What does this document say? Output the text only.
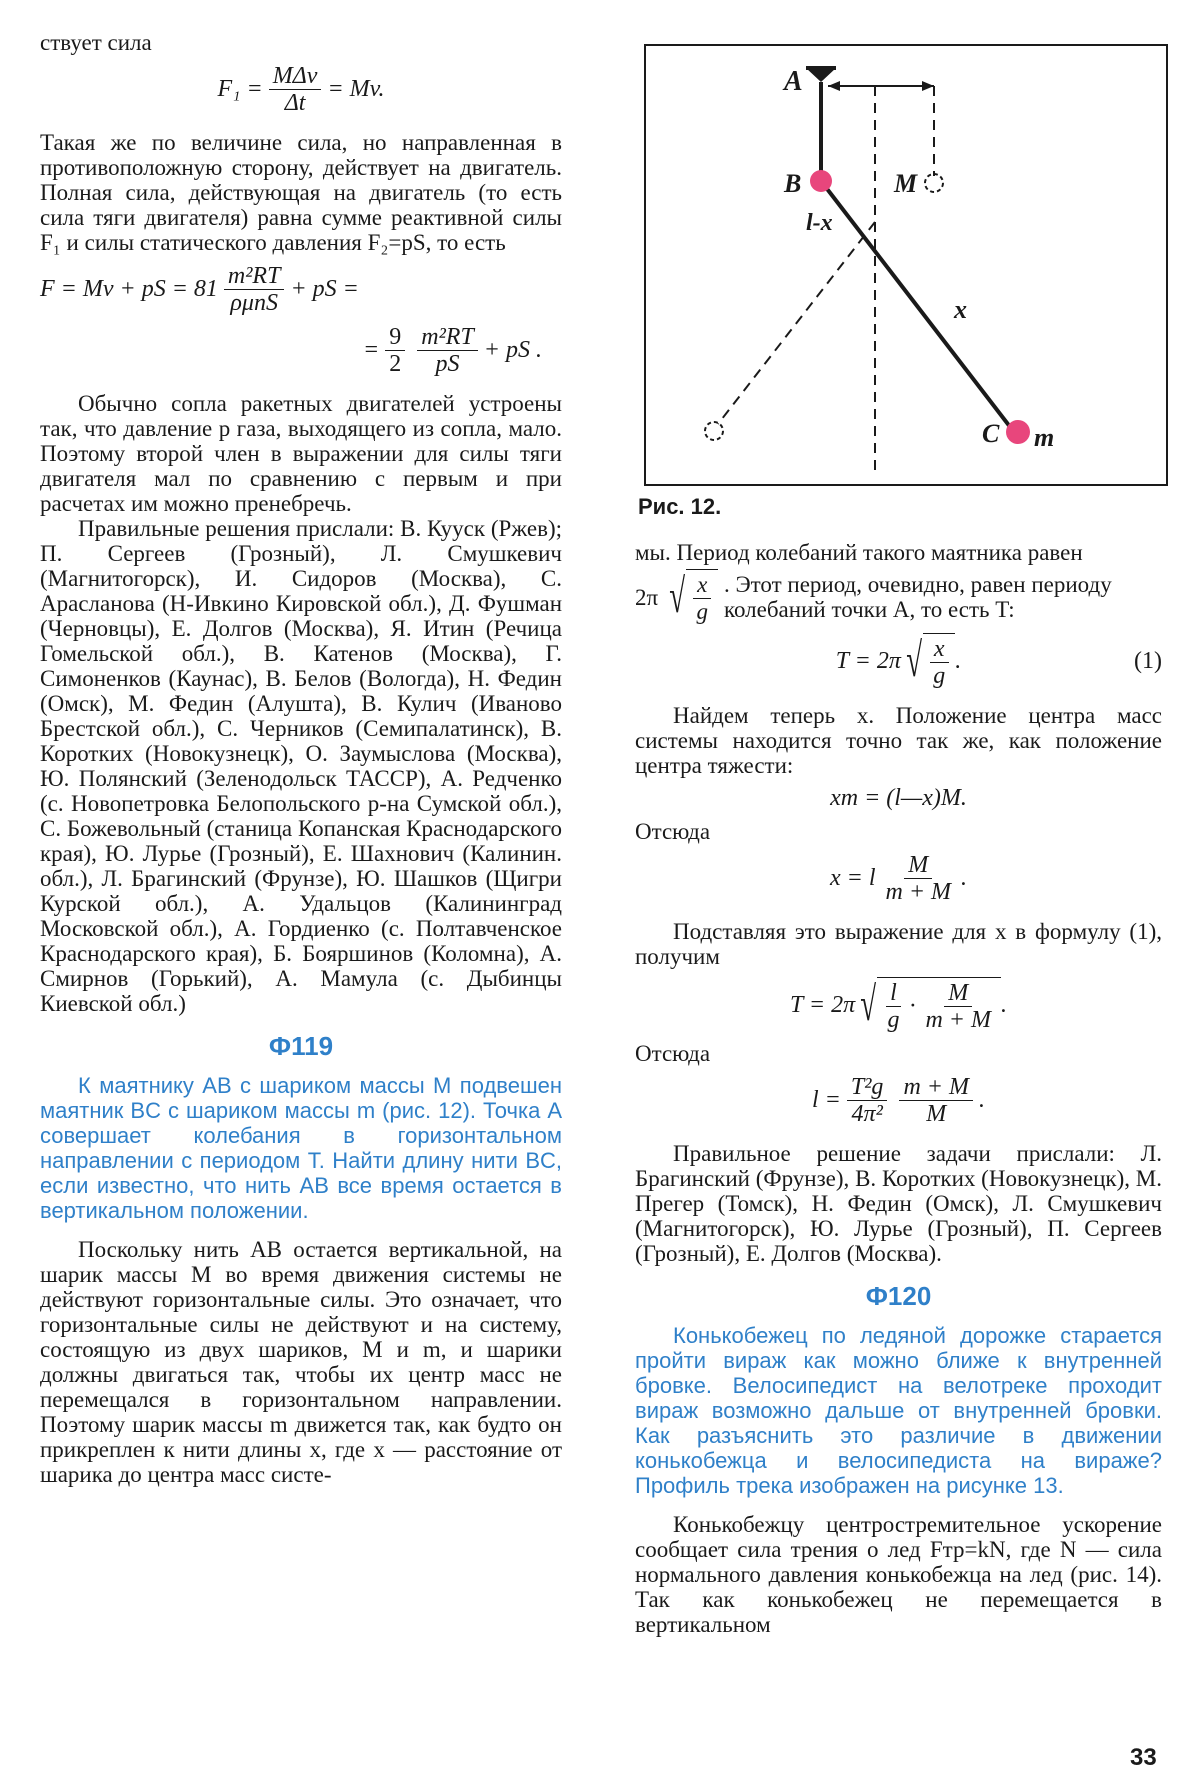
ствует сила

$F_1 = \frac{\text{MΔv}}{\Delta t} = Mv$.

Такая же по величине сила, но направленная в противоположную сторону, действует на двигатель. Полная сила, действующая на двигатель (то есть сила тяги двигателя) равна сумме реактивной силы F₁ и силы статического давления F₂=pS, то есть

F = Mv + pS = $81 \frac{\text{m²RT}}{\text{ρμпS}}$ + pS =
= $\frac{9}{2} \frac{\text{m²RT}}{pS}$ + pS .

Обычно сопла ракетных двигателей устроены так, что давление p газа, выходящего из сопла, мало. Поэтому второй член в выражении для силы тяги двигателя мал по сравнению с первым и при расчетах им можно пренебречь.

Правильные решения прислали: В. Кууск (Ржев); П. Сергеев (Грозный), Л. Смушкевич (Магнитогорск), И. Сидоров (Москва), С. Арасланова (Н-Ивкино Кировской обл.), Д. Фушман (Черновцы), Е. Долгов (Москва), Я. Итин (Речица Гомельской обл.), В. Катенов (Москва), Г. Симоненков (Каунас), В. Белов (Вологда), Н. Федин (Омск), М. Федин (Алушта), В. Кулич (Иваново Брестской обл.), С. Черников (Семипалатинск), В. Коротких (Новокузнецк), О. Заумыслова (Москва), Ю. Полянский (Зеленодольск ТАССР), А. Редченко (с. Новопетровка Белопольского р-на Сумской обл.), С. Божевольный (станица Копанская Краснодарского края), Ю. Лурье (Грозный), Е. Шахнович (Калинин. обл.), Л. Брагинский (Фрунзе), Ю. Шашков (Щигри Курской обл.), А. Удальцов (Калининград Московской обл.), А. Гордиенко (с. Полтавченское Краснодарского края), Б. Бояршинов (Коломна), А. Смирнов (Горький), А. Мамула (с. Дыбинцы Киевской обл.)

Ф119

К маятнику AB с шариком массы M подвешен маятник BC с шариком массы m (рис. 12). Точка A совершает колебания в горизонтальном направлении с периодом T. Найти длину нити BC, если известно, что нить AB все время остается в вертикальном положении.

Поскольку нить AB остается вертикальной, на шарик массы M во время движения системы не действуют горизонтальные силы. Это означает, что горизонтальные силы не действуют и на систему, состоящую из двух шариков, M и m, и шарики должны двигаться так, чтобы их центр масс не перемещался в горизонтальном направлении. Поэтому шарик массы m движется так, как будто он прикреплен к нити длины x, где x — расстояние от шарика до центра масс систе-

A
B	M
l-x
x
C m
Рис. 12.

мы. Период колебаний такого маятника равен

2π √ $\frac{x}{g}$ . Этот период, очевидно, равен периоду колебаний точки A, то есть T:
T = 2π √ $\frac{x}{g}$ .	(1)

Найдем теперь x. Положение центра масс системы находится точно так же, как положение центра тяжести:

xm = (l—x)M.

Отсюда

x = l $\frac{M}{m + M}$ .

Подставляя это выражение для x в формулу (1), получим

T = 2π √ $\frac{l}{g} \cdot \frac{M}{m + M}$ .

Отсюда

$l = \frac{\text{T²g}}{\text{4π²}} \frac{m + M}{M}$ .

Правильное решение задачи прислали: Л. Брагинский (Фрунзе), В. Коротких (Новокузнецк), М. Прегер (Томск), Н. Федин (Омск), Л. Смушкевич (Магнитогорск), Ю. Лурье (Грозный), П. Сергеев (Грозный), Е. Долгов (Москва).

Ф120

Конькобежец по ледяной дорожке старается пройти вираж как можно ближе к внутренней бровке. Велосипедист на велотреке проходит вираж возможно дальше от внутренней бровки. Как разъяснить это различие в движении конькобежца и велосипедиста на вираже? Профиль трека изображен на рисунке 13.

Конькобежцу центростремительное ускорение сообщает сила трения о лед Fтр=kN, где N — сила нормального давления конькобежца на лед (рис. 14). Так как конькобежец не перемещается в вертикальном

33
